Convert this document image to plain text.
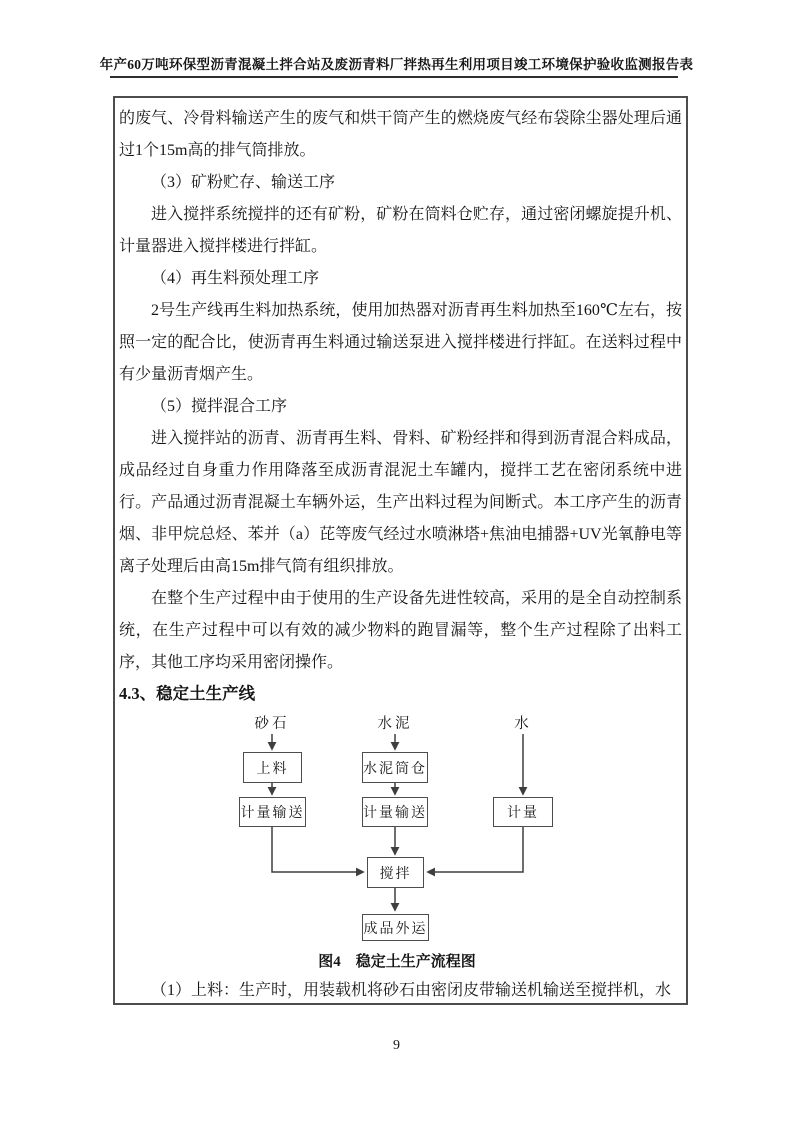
年产60万吨环保型沥青混凝土拌合站及废沥青料厂拌热再生利用项目竣工环境保护验收监测报告表

的废气、冷骨料输送产生的废气和烘干筒产生的燃烧废气经布袋除尘器处理后通过1个15m高的排气筒排放。

（3）矿粉贮存、输送工序

进入搅拌系统搅拌的还有矿粉，矿粉在筒料仓贮存，通过密闭螺旋提升机、计量器进入搅拌楼进行拌缸。

（4）再生料预处理工序

2号生产线再生料加热系统，使用加热器对沥青再生料加热至160℃左右，按照一定的配合比，使沥青再生料通过输送泵进入搅拌楼进行拌缸。在送料过程中有少量沥青烟产生。

（5）搅拌混合工序

进入搅拌站的沥青、沥青再生料、骨料、矿粉经拌和得到沥青混合料成品，成品经过自身重力作用降落至成沥青混泥土车罐内，搅拌工艺在密闭系统中进行。产品通过沥青混凝土车辆外运，生产出料过程为间断式。本工序产生的沥青烟、非甲烷总烃、苯并（a）芘等废气经过水喷淋塔+焦油电捕器+UV光氧静电等离子处理后由高15m排气筒有组织排放。

在整个生产过程中由于使用的生产设备先进性较高，采用的是全自动控制系统，在生产过程中可以有效的减少物料的跑冒漏等，整个生产过程除了出料工序，其他工序均采用密闭操作。

4.3、稳定土生产线
砂石	水泥	水
上料	水泥筒仓
计量输送	计量输送	计量
搅拌
成品外运
图4　稳定土生产流程图

（1）上料：生产时，用装载机将砂石由密闭皮带输送机输送至搅拌机，水

9
